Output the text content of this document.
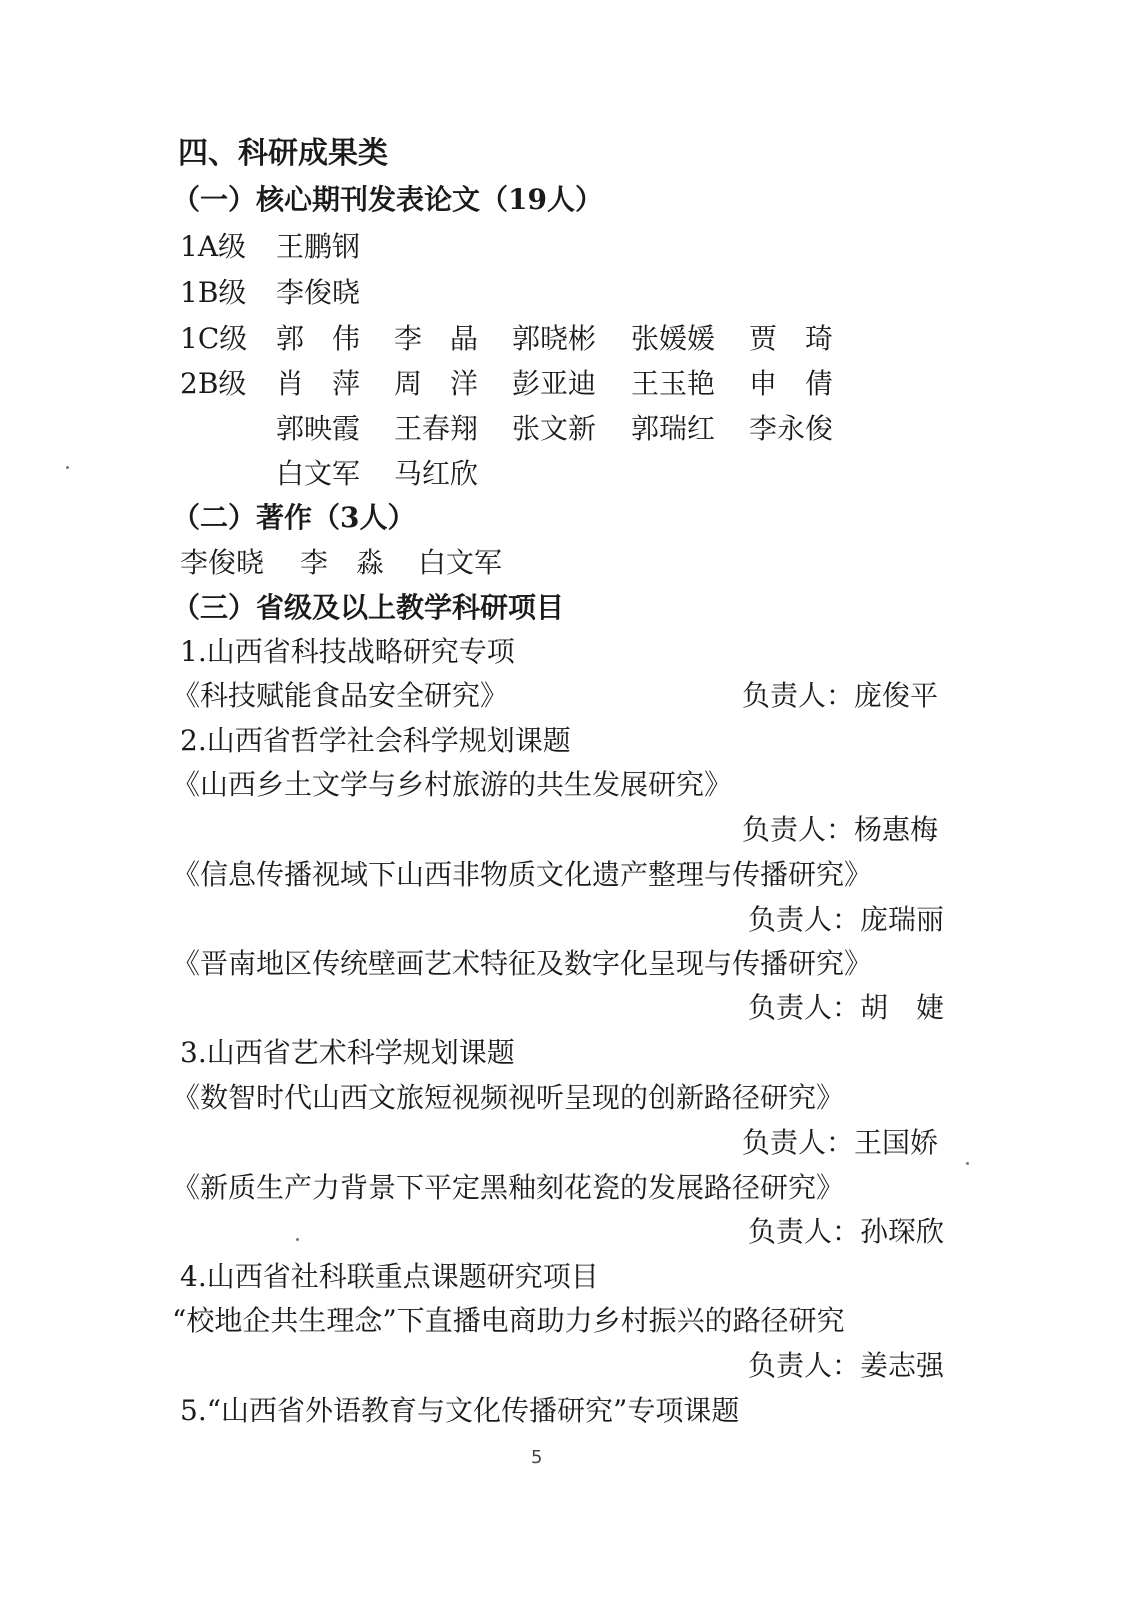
四、科研成果类
（一）核心期刊发表论文（19人）
1A级 王鹏钢
1B级 李俊晓
1C级 郭　伟 李　晶 郭晓彬 张媛媛 贾　琦
2B级 肖　萍 周　洋 彭亚迪 王玉艳 申　倩
郭映霞 王春翔 张文新 郭瑞红 李永俊
白文军 马红欣
（二）著作（3人）
李俊晓 李　淼 白文军
（三）省级及以上教学科研项目
1.山西省科技战略研究专项
《科技赋能食品安全研究》	负责人：庞俊平
2.山西省哲学社会科学规划课题
《山西乡土文学与乡村旅游的共生发展研究》
负责人：杨惠梅
《信息传播视域下山西非物质文化遗产整理与传播研究》
负责人：庞瑞丽
《晋南地区传统壁画艺术特征及数字化呈现与传播研究》
负责人：胡　婕
3.山西省艺术科学规划课题
《数智时代山西文旅短视频视听呈现的创新路径研究》
负责人：王国娇
《新质生产力背景下平定黑釉刻花瓷的发展路径研究》
负责人：孙琛欣
4.山西省社科联重点课题研究项目
“校地企共生理念”下直播电商助力乡村振兴的路径研究
负责人：姜志强
5.“山西省外语教育与文化传播研究”专项课题
5
